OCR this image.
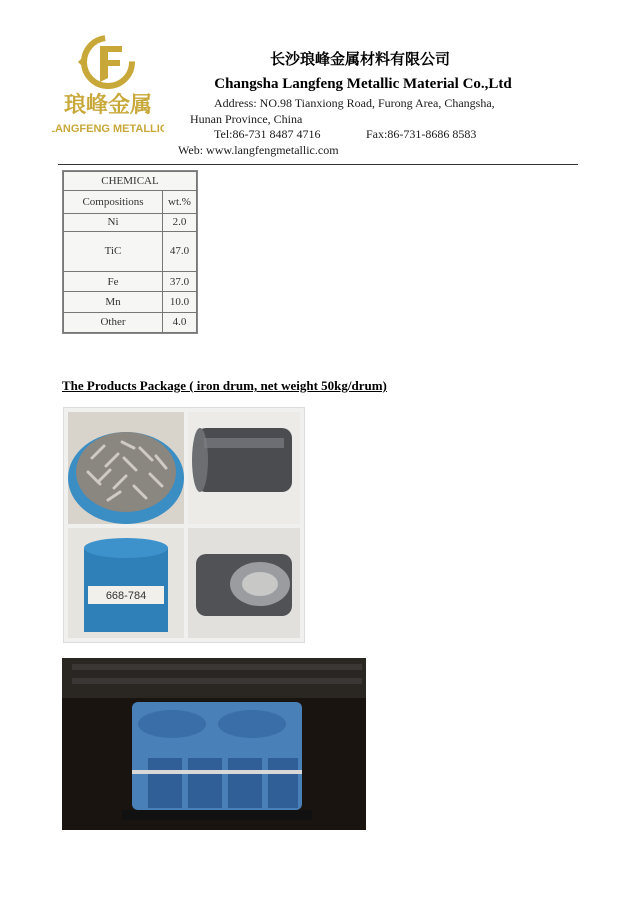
琅峰金属
LANGFENG METALLIC
长沙琅峰金属材料有限公司
Changsha Langfeng Metallic Material Co.,Ltd
Address: NO.98 Tianxiong Road, Furong Area, Changsha,
Hunan Province, China
Tel:86-731 8487 4716	Fax:86-731-8686 8583
Web: www.langfengmetallic.com
CHEMICAL	
Compositions	wt.%
Ni	2.0
TiC	47.0
Fe	37.0
Mn	10.0
Other	4.0
The Products Package ( iron drum, net weight 50kg/drum)
668-784
